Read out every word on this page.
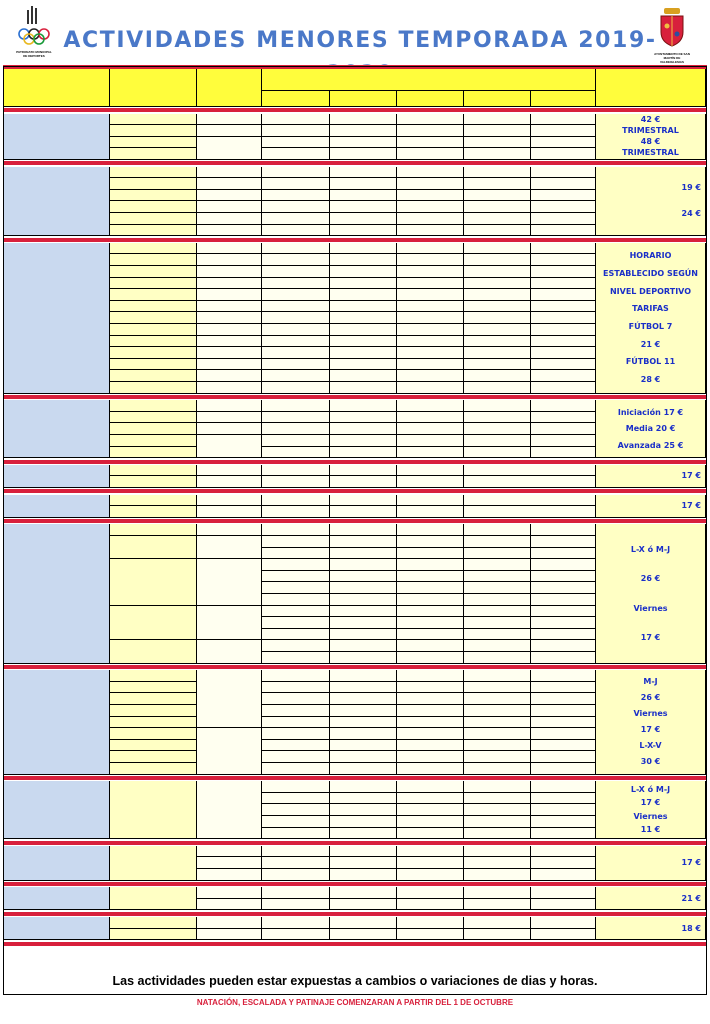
PATRONATO MUNICIPAL DE DEPORTES
ACTIVIDADES MENORES TEMPORADA 2019-
AYUNTAMIENTO DE SAN MARTÍN DE VALDEIGLESIAS
42 €
TRIMESTRAL
48 €
TRIMESTRAL
19 €
24 €
HORARIO
ESTABLECIDO SEGÚN
NIVEL DEPORTIVO
TARIFAS
FÚTBOL 7
21 €
FÚTBOL 11
28 €
Iniciación 17 €
Media 20 €
Avanzada 25 €
17 €
17 €
L-X ó M-J
26 €
Viernes
17 €
M-J
26 €
Viernes
17 €
L-X-V
30 €
L-X ó M-J
17 €
Viernes
11 €
17 €
21 €
18 €
Las actividades pueden estar expuestas a cambios o variaciones de dias y horas.
NATACIÓN, ESCALADA Y PATINAJE COMENZARAN A PARTIR DEL 1 DE OCTUBRE
